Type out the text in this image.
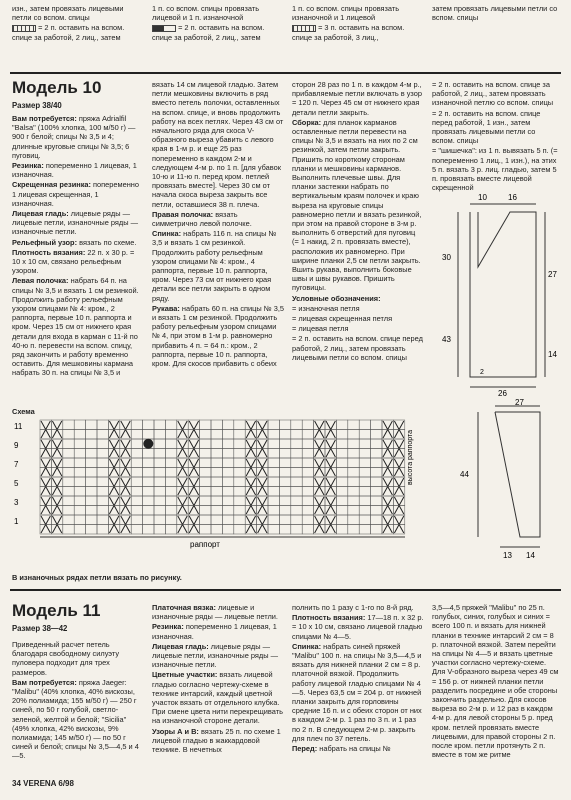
изн., затем провязать лицевыми петли со вспом. спицы

= 2 п. оставить на вспом. спице за работой, 2 лиц., затем

1 п. со вспом. спицы провязать лицевой и 1 п. изнаночной

= 2 п. оставить на вспом. спице за работой, 2 лиц., затем

1 п. со вспом. спицы провязать изнаночной и 1 лицевой

= 3 п. оставить на вспом. спице за работой, 3 лиц.,

затем провязать лицевыми петли со вспом. спицы

Модель 10
Размер 38/40

Вам потребуется: пряжа Adrialfil "Balsa" (100% хлопка, 100 м/50 г) — 900 г белой; спицы № 3,5 и 4; длинные круговые спицы № 3,5; 6 пуговиц.

Резинка: попеременно 1 лицевая, 1 изнаночная.

Скрещенная резинка: попеременно 1 лицевая скрещенная, 1 изнаночная.

Лицевая гладь: лицевые ряды — лицевые петли, изнаночные ряды — изнаночные петли.

Рельефный узор: вязать по схеме.

Плотность вязания: 22 п. x 30 р. = 10 x 10 см, связано рельефным узором.

Левая полочка: набрать 64 п. на спицы № 3,5 и вязать 1 см резинкой. Продолжить работу рельефным узором спицами № 4: кром., 2 раппорта, первые 10 п. раппорта и кром. Через 15 см от нижнего края детали для входа в карман с 11-й по 40-ю п. перевести на вспом. спицу, ряд закончить и работу временно оставить. Для мешковины кармана набрать 30 п. на спицы № 3,5 и

вязать 14 см лицевой гладью. Затем петли мешковины включить в ряд вместо петель полочки, оставленных на вспом. спице, и вновь продолжить работу на всех петлях. Через 43 см от начального ряда для скоса V-образного выреза убавить с левого края в 1-м р. и еще 25 раз попеременно в каждом 2-м и следующем 4-м р. по 1 п. [для убавок 10-ю и 11-ю п. перед кром. петлей провязать вместе]. Через 30 см от начала скоса выреза закрыть все петли, оставшиеся 38 п. плеча.

Правая полочка: вязать симметрично левой полочке.

Спинка: набрать 116 п. на спицы № 3,5 и вязать 1 см резинкой. Продолжить работу рельефным узором спицами № 4: кром., 4 раппорта, первые 10 п. раппорта, кром. Через 73 см от нижнего края детали все петли закрыть в одном ряду.

Рукава: набрать 60 п. на спицы № 3,5 и вязать 1 см резинкой. Продолжить работу рельефным узором спицами № 4, при этом в 1-м р. равномерно прибавить 4 п. = 64 п.: кром., 2 раппорта, первые 10 п. раппорта, кром. Для скосов прибавить с обеих

сторон 28 раз по 1 п. в каждом 4-м р., прибавляемые петли включать в узор = 120 п. Через 45 см от нижнего края детали петли закрыть.

Сборка: для планок карманов оставленные петли перевести на спицы № 3,5 и вязать на них по 2 см резинкой, затем петли закрыть. Пришить по короткому сторонам планки и мешковины карманов. Выполнить плечевые швы. Для планки застежки набрать по вертикальным краям полочек и краю выреза на круговые спицы равномерно петли и вязать резинкой, при этом на правой стороне в 3-м р. выполнить 6 отверстий для пуговиц (= 1 накид, 2 п. провязать вместе), расположив их равномерно. При ширине планки 2,5 см петли закрыть. Вшить рукава, выполнить боковые швы и швы рукавов. Пришить пуговицы.

Условные обозначения:

= изнаночная петля

= лицевая скрещенная петля

= лицевая петля

= 2 п. оставить на вспом. спице перед работой, 2 лиц., затем провязать лицевыми петли со вспом. спицы

= 2 п. оставить на вспом. спице за работой, 2 лиц., затем провязать изнаночной петлю со вспом. спицы

= 2 п. оставить на вспом. спице перед работой, 1 изн., затем провязать лицевыми петли со вспом. спицы

= "шишечка": из 1 п. вывязать 5 п. (= попеременно 1 лиц., 1 изн.), на этих 5 п. вязать 3 р. лиц. гладью, затем 5 п. провязать вместе лицевой скрещенной

10	16
30
43
27
14
26
2
Схема
11
9
7
5
3
1
раппорт
высота раппорта
27
44
13 14
В изнаночных рядах петли вязать по рисунку.
Модель 11
Размер 38—42

Приведенный расчет петель благодаря свободному силуэту пуловера подходит для трех размеров.

Вам потребуется: пряжа Jaeger: "Malibu" (40% хлопка, 40% вискозы, 20% полиамида; 155 м/50 г) — 250 г синей, по 50 г голубой, светло-зеленой, желтой и белой; "Sicilia" (49% хлопка, 42% вискозы, 9% полиамида; 145 м/50 г) — по 50 г синей и белой; спицы № 3,5—4,5 и 4—5.

Платочная вязка: лицевые и изнаночные ряды — лицевые петли.

Резинка: попеременно 1 лицевая, 1 изнаночная.

Лицевая гладь: лицевые ряды — лицевые петли, изнаночные ряды — изнаночные петли.

Цветные участки: вязать лицевой гладью согласно чертежу-схеме в технике интарсий, каждый цветной участок вязать от отдельного клубка. При смене цвета нити перекрещивать на изнаночной стороне детали.

Узоры А и В: вязать 25 п. по схеме 1 лицевой гладью в жаккардовой технике. В нечетных

полнить по 1 разу с 1-го по 8-й ряд.

Плотность вязания: 17—18 п. x 32 р. = 10 x 10 см, связано лицевой гладью спицами № 4—5.

Спинка: набрать синей пряжей "Malibu" 100 п. на спицы № 3,5—4,5 и вязать для нижней планки 2 см = 8 р. платочной вязкой. Продолжить работу лицевой гладью спицами № 4—5. Через 63,5 см = 204 р. от нижней планки закрыть для горловины средние 16 п. и с обеих сторон от них в каждом 2-м р. 1 раз по 3 п. и 1 раз по 2 п. В следующем 2-м р. закрыть для плеч по 37 петель.

Перед: набрать на спицы №

3,5—4,5 пряжей "Malibu" по 25 п. голубых, синих, голубых и синих = всего 100 п. и вязать для нижней планки в технике интарсий 2 см = 8 р. платочной вязкой. Затем перейти на спицы № 4—5 и вязать цветные участки согласно чертежу-схеме. Для V-образного выреза через 49 см = 156 р. от нижней планки петли разделить посредине и обе стороны закончить раздельно. Для скосов выреза во 2-м р. и 12 раз в каждом 4-м р. для левой стороны 5 р. пред кром. петлей провязать вместе лицевыми, для правой стороны 2 п. после кром. петли протянуть 2 п. вместе в том же ритме

34 VERENA 6/98
